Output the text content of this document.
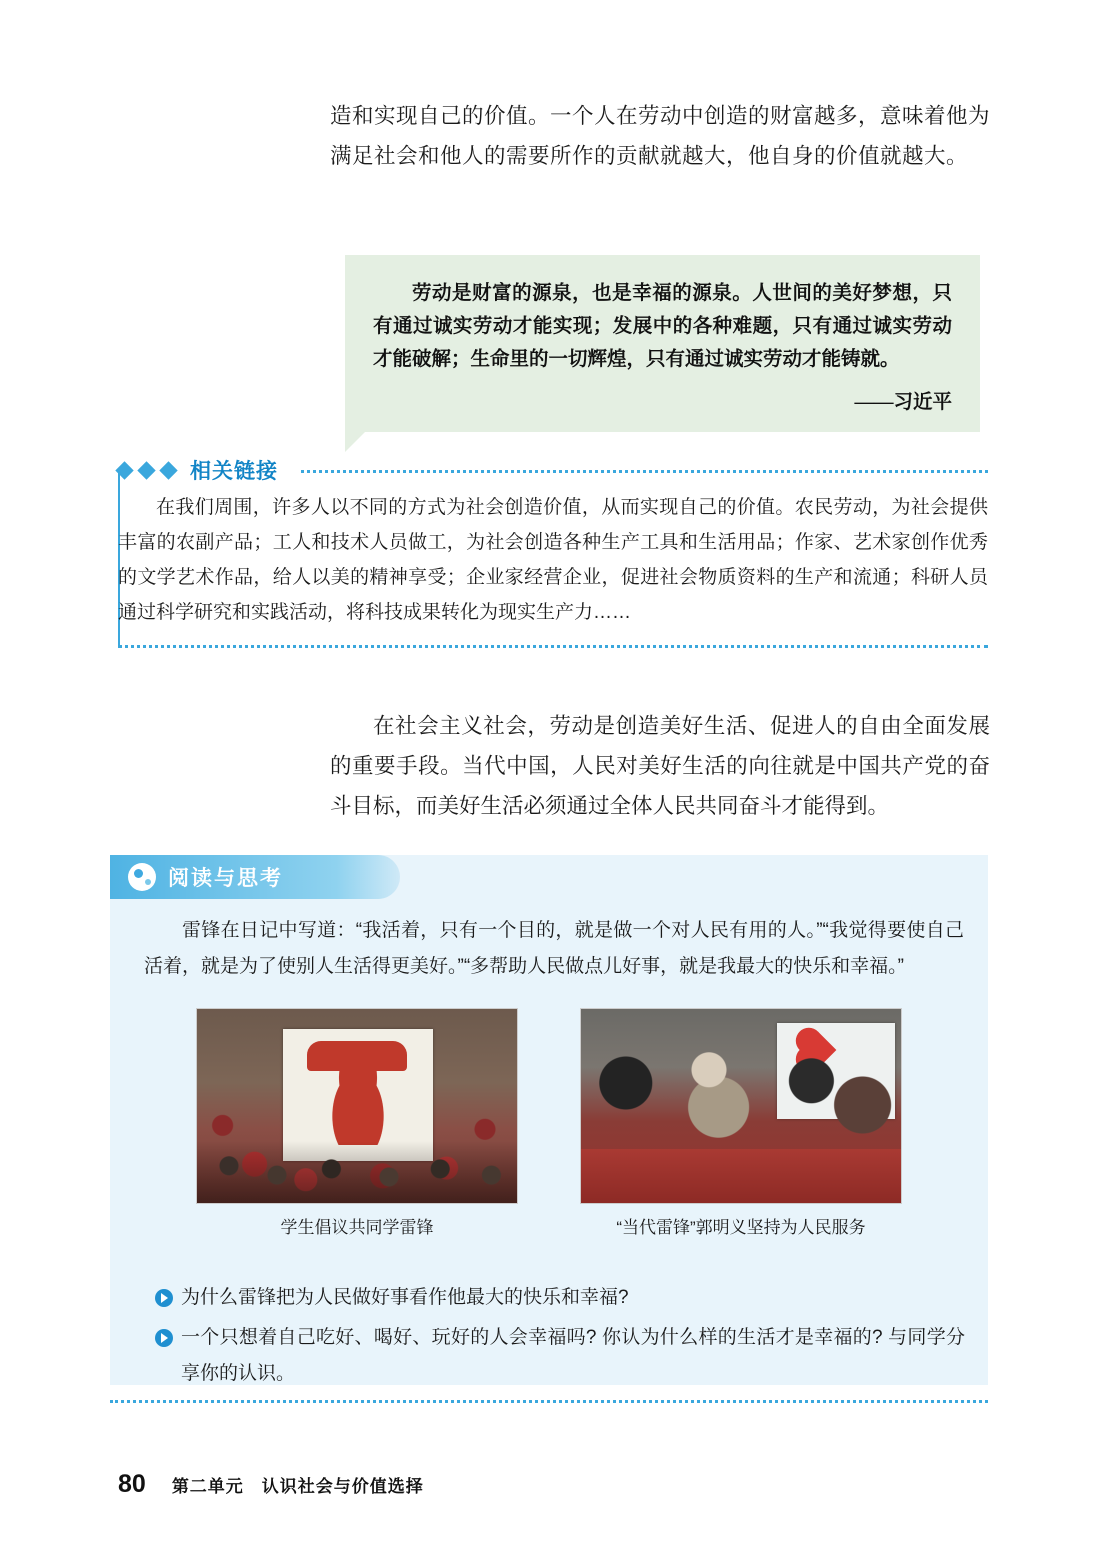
造和实现自己的价值。一个人在劳动中创造的财富越多，意味着他为满足社会和他人的需要所作的贡献就越大，他自身的价值就越大。
劳动是财富的源泉，也是幸福的源泉。人世间的美好梦想，只有通过诚实劳动才能实现；发展中的各种难题，只有通过诚实劳动才能破解；生命里的一切辉煌，只有通过诚实劳动才能铸就。
——习近平
相关链接
在我们周围，许多人以不同的方式为社会创造价值，从而实现自己的价值。农民劳动，为社会提供丰富的农副产品；工人和技术人员做工，为社会创造各种生产工具和生活用品；作家、艺术家创作优秀的文学艺术作品，给人以美的精神享受；企业家经营企业，促进社会物质资料的生产和流通；科研人员通过科学研究和实践活动，将科技成果转化为现实生产力……
在社会主义社会，劳动是创造美好生活、促进人的自由全面发展的重要手段。当代中国，人民对美好生活的向往就是中国共产党的奋斗目标，而美好生活必须通过全体人民共同奋斗才能得到。
阅读与思考
雷锋在日记中写道：“我活着，只有一个目的，就是做一个对人民有用的人。”“我觉得要使自己活着，就是为了使别人生活得更美好。”“多帮助人民做点儿好事，就是我最大的快乐和幸福。”
学生倡议共同学雷锋	“当代雷锋”郭明义坚持为人民服务
为什么雷锋把为人民做好事看作他最大的快乐和幸福?
一个只想着自己吃好、喝好、玩好的人会幸福吗? 你认为什么样的生活才是幸福的? 与同学分享你的认识。
80 第二单元　认识社会与价值选择
